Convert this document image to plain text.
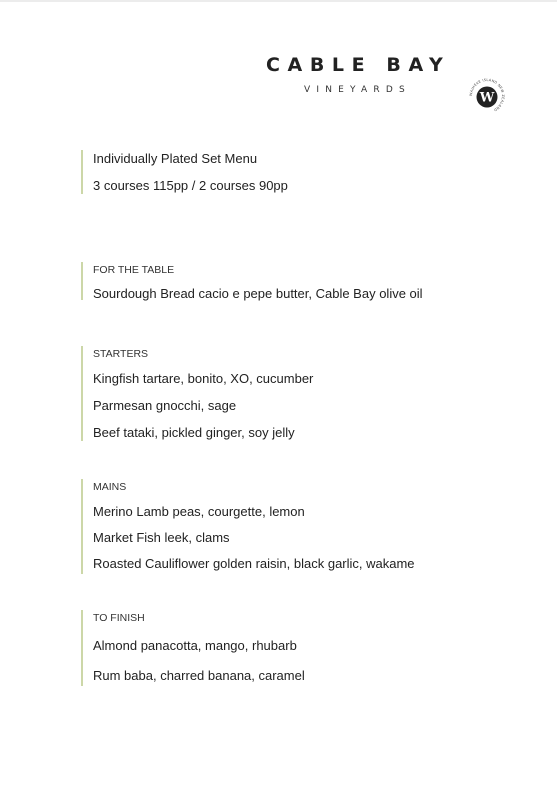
CABLE BAY
VINEYARDS	WAIHEKE ISLAND NEW ZEALAND
W
Individually Plated Set Menu
3 courses 115pp / 2 courses 90pp
FOR THE TABLE
Sourdough Bread cacio e pepe butter, Cable Bay olive oil
STARTERS
Kingfish tartare, bonito, XO, cucumber
Parmesan gnocchi, sage
Beef tataki, pickled ginger, soy jelly
MAINS
Merino Lamb peas, courgette, lemon
Market Fish leek, clams
Roasted Cauliflower golden raisin, black garlic, wakame
TO FINISH
Almond panacotta, mango, rhubarb
Rum baba, charred banana, caramel
